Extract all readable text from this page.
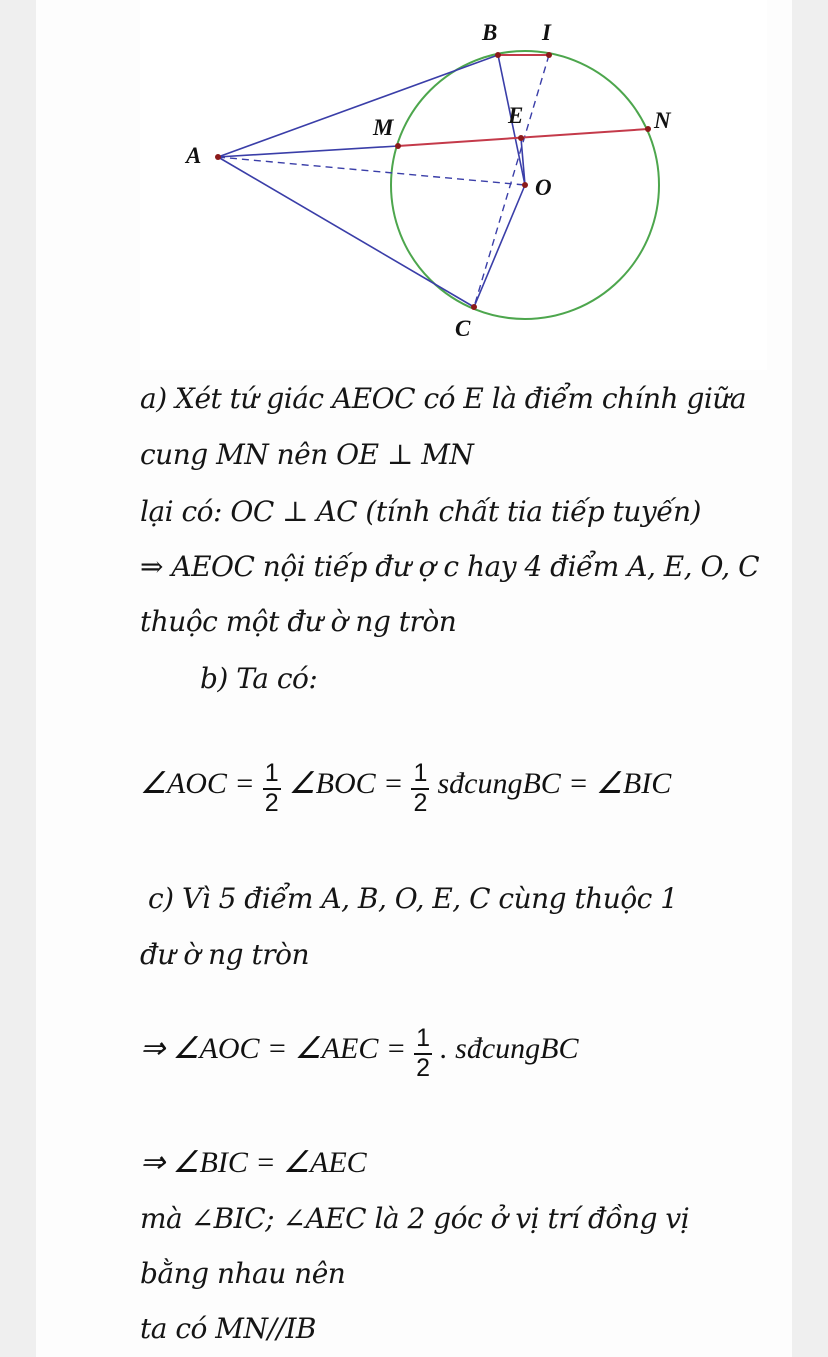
B I
E	N
M
A
O
C
a) Xét tứ giác AEOC có E là điểm chính giữa
cung MN nên OE ⊥ MN
lại có: OC ⊥ AC (tính chất tia tiếp tuyến)
⇒ AEOC nội tiếp đư ợ c hay 4 điểm A, E, O, C
thuộc một đư ờ ng tròn
b) Ta có:
∠AOC = $\frac{1}{2}$ ∠BOC = $\frac{1}{2}$ sđcungBC = ∠BIC
c) Vì 5 điểm A, B, O, E, C cùng thuộc 1
đư ờ ng tròn
⇒ ∠AOC = ∠AEC = $\frac{1}{2}$ . sđcungBC
⇒ ∠BIC = ∠AEC
mà ∠BIC; ∠AEC là 2 góc ở vị trí đồng vị
bằng nhau nên
ta có MN//IB
